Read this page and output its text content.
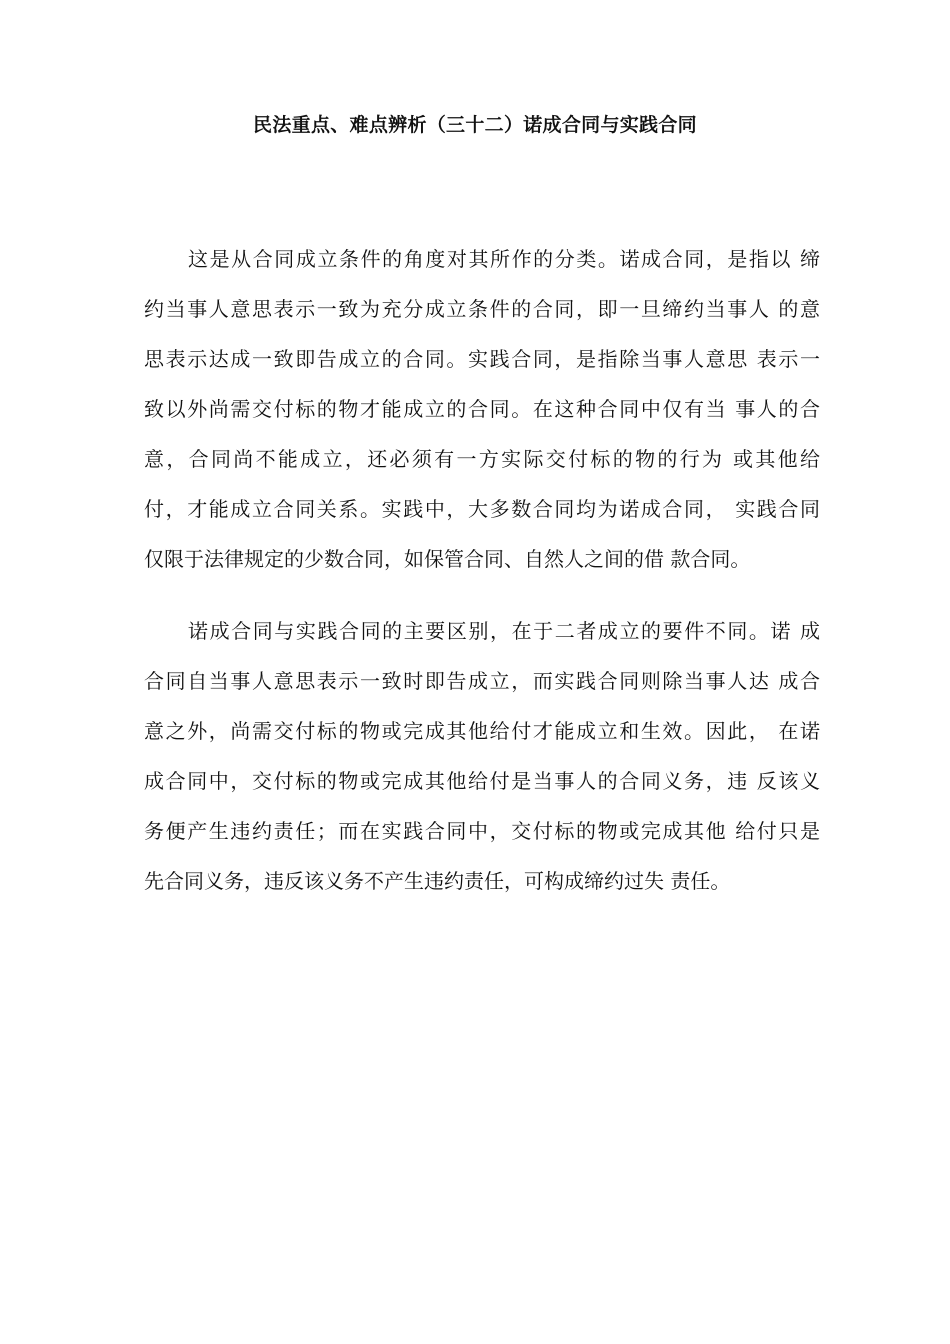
民法重点、难点辨析（三十二）诺成合同与实践合同
这是从合同成立条件的角度对其所作的分类。诺成合同，是指以 缔
约当事人意思表示一致为充分成立条件的合同，即一旦缔约当事人 的意
思表示达成一致即告成立的合同。实践合同，是指除当事人意思 表示一
致以外尚需交付标的物才能成立的合同。在这种合同中仅有当 事人的合
意，合同尚不能成立，还必须有一方实际交付标的物的行为 或其他给
付，才能成立合同关系。实践中，大多数合同均为诺成合同， 实践合同
仅限于法律规定的少数合同，如保管合同、自然人之间的借 款合同。
诺成合同与实践合同的主要区别，在于二者成立的要件不同。诺 成
合同自当事人意思表示一致时即告成立，而实践合同则除当事人达 成合
意之外，尚需交付标的物或完成其他给付才能成立和生效。因此， 在诺
成合同中，交付标的物或完成其他给付是当事人的合同义务，违 反该义
务便产生违约责任；而在实践合同中，交付标的物或完成其他 给付只是
先合同义务，违反该义务不产生违约责任，可构成缔约过失 责任。
